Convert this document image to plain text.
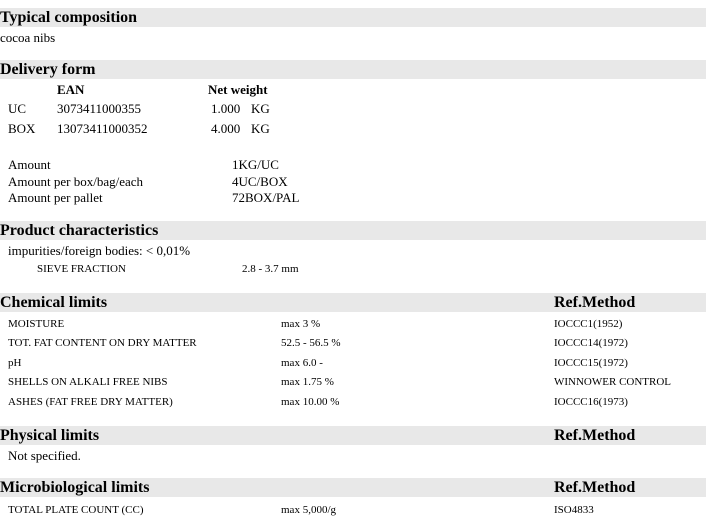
Typical composition
cocoa nibs
Delivery form
EAN	Net weight
UC 3073411000355	1.000 KG
BOX 13073411000352	4.000 KG
Amount	1KG/UC
Amount per box/bag/each	4UC/BOX
Amount per pallet	72BOX/PAL
Product characteristics
impurities/foreign bodies: < 0,01%
SIEVE FRACTION	2.8 - 3.7 mm
Chemical limits	Ref.Method
MOISTURE	max 3 %	IOCCC1(1952)
TOT. FAT CONTENT ON DRY MATTER	52.5 - 56.5 %	IOCCC14(1972)
pH	max 6.0 -	IOCCC15(1972)
SHELLS ON ALKALI FREE NIBS	max 1.75 %	WINNOWER CONTROL
ASHES (FAT FREE DRY MATTER)	max 10.00 %	IOCCC16(1973)
Physical limits	Ref.Method
Not specified.
Microbiological limits	Ref.Method
TOTAL PLATE COUNT (CC)	max 5,000/g	ISO4833
